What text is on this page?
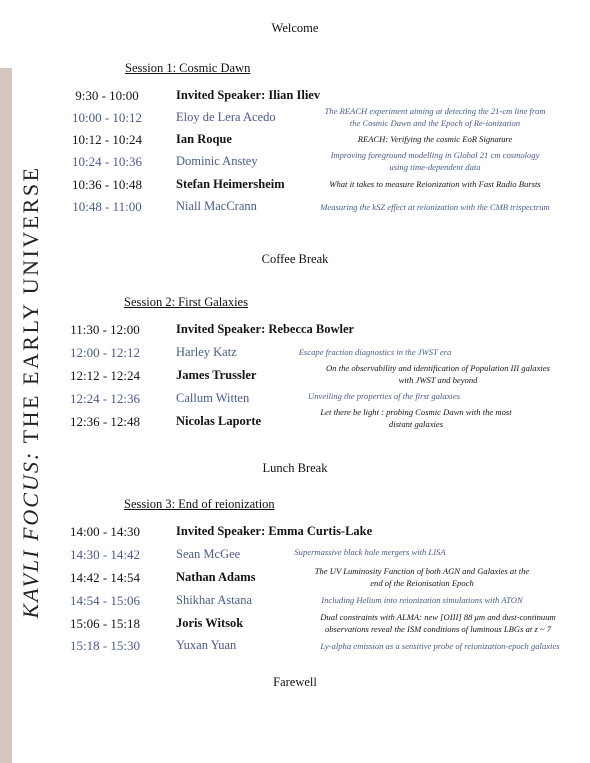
KAVLI FOCUS: THE EARLY UNIVERSE
Welcome
Session 1: Cosmic Dawn
9:30 - 10:00	Invited Speaker: Ilian Iliev
10:00 - 10:12	Eloy de Lera Acedo	The REACH experiment aiming at detecting the 21-cm line from
the Cosmic Dawn and the Epoch of Re-ionization
10:12 - 10:24	Ian Roque	REACH: Verifying the cosmic EoR Signature
10:24 - 10:36	Dominic Anstey	Improving foreground modelling in Global 21 cm cosmology
using time-dependent data
10:36 - 10:48	Stefan Heimersheim	What it takes to measure Reionization with Fast Radio Bursts
10:48 - 11:00	Niall MacCrann	Measuring the kSZ effect at reionization with the CMB trispectrum
Coffee Break
Session 2: First Galaxies
11:30 - 12:00	Invited Speaker: Rebecca Bowler
12:00 - 12:12	Harley Katz	Escape fraction diagnostics in the JWST era
12:12 - 12:24	James Trussler	On the observability and identification of Population III galaxies
with JWST and beyond
12:24 - 12:36	Callum Witten	Unveiling the properties of the first galaxies
12:36 - 12:48	Nicolas Laporte
Let there be light : probing Cosmic Dawn with the most
distant galaxies
Lunch Break
Session 3: End of reionization
14:00 - 14:30	Invited Speaker: Emma Curtis-Lake
14:30 - 14:42	Sean McGee	Supermassive black hole mergers with LISA
14:42 - 14:54	Nathan Adams	The UV Luminosity Function of both AGN and Galaxies at the
end of the Reionisation Epoch
14:54 - 15:06	Shikhar Astana	Including Helium into reionization simulations with ATON
15:06 - 15:18	Joris Witsok	Dual constraints with ALMA: new [OIII] 88 μm and dust-continuum
observations reveal the ISM conditions of luminous LBGs at z ~ 7
15:18 - 15:30	Yuxan Yuan	Ly-alpha emission as a sensitive probe of reionization-epoch galaxies
Farewell
